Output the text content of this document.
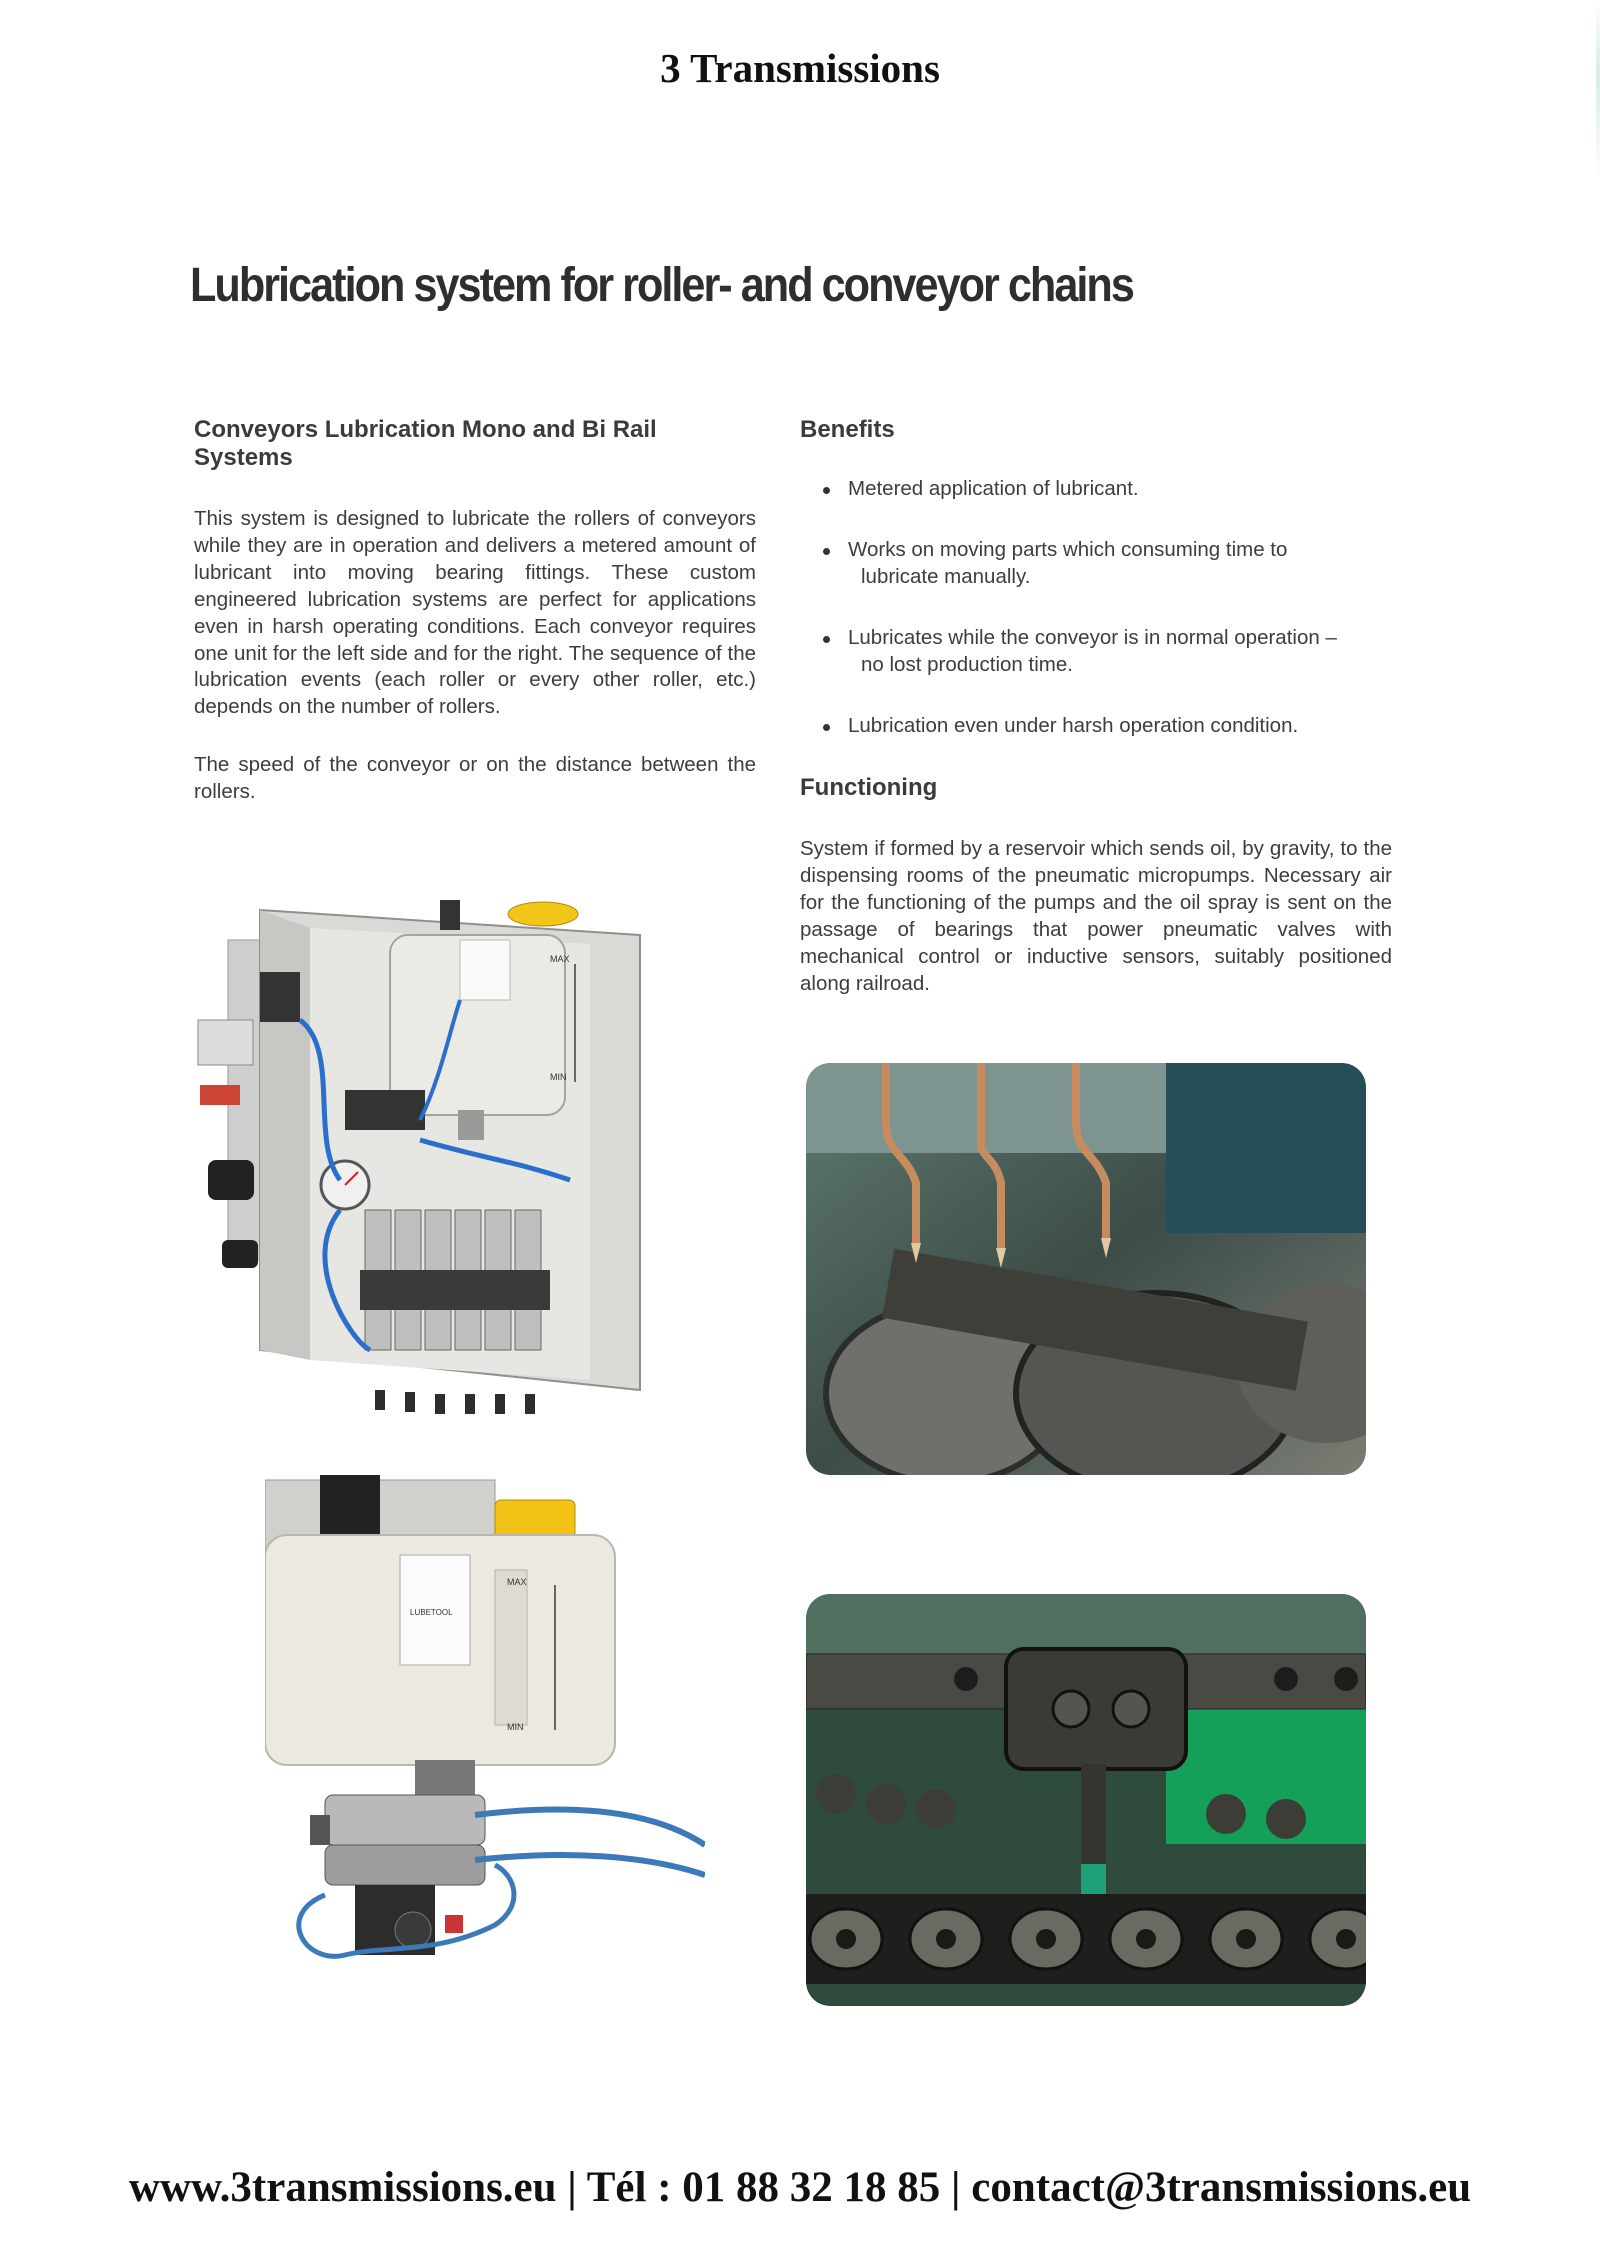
3 Transmissions
Lubrication system for roller- and conveyor chains
Conveyors Lubrication Mono and Bi Rail
Systems

This system is designed to lubricate the rollers of conveyors while they are in operation and delivers a metered amount of lubricant into moving bearing fittings. These custom engineered lubrication systems are perfect for applications even in harsh operating conditions. Each conveyor requires one unit for the left side and for the right. The sequence of the lubrication events (each roller or every other roller, etc.) depends on the number of rollers.

The speed of the conveyor or on the distance between the rollers.

Benefits
Metered application of lubricant.
Works on moving parts which consuming time to
lubricate manually.
Lubricates while the conveyor is in normal operation –
no lost production time.
Lubrication even under harsh operation condition.
Functioning

System if formed by a reservoir which sends oil, by gravity, to the dispensing rooms of the pneumatic micropumps. Necessary air for the functioning of the pumps and the oil spray is sent on the passage of bearings that power pneumatic valves with mechanical control or inductive sensors, suitably positioned along railroad.

MAX
MIN
LUBETOOL
MAX
MIN
www.3transmissions.eu | Tél : 01 88 32 18 85 | contact@3transmissions.eu
